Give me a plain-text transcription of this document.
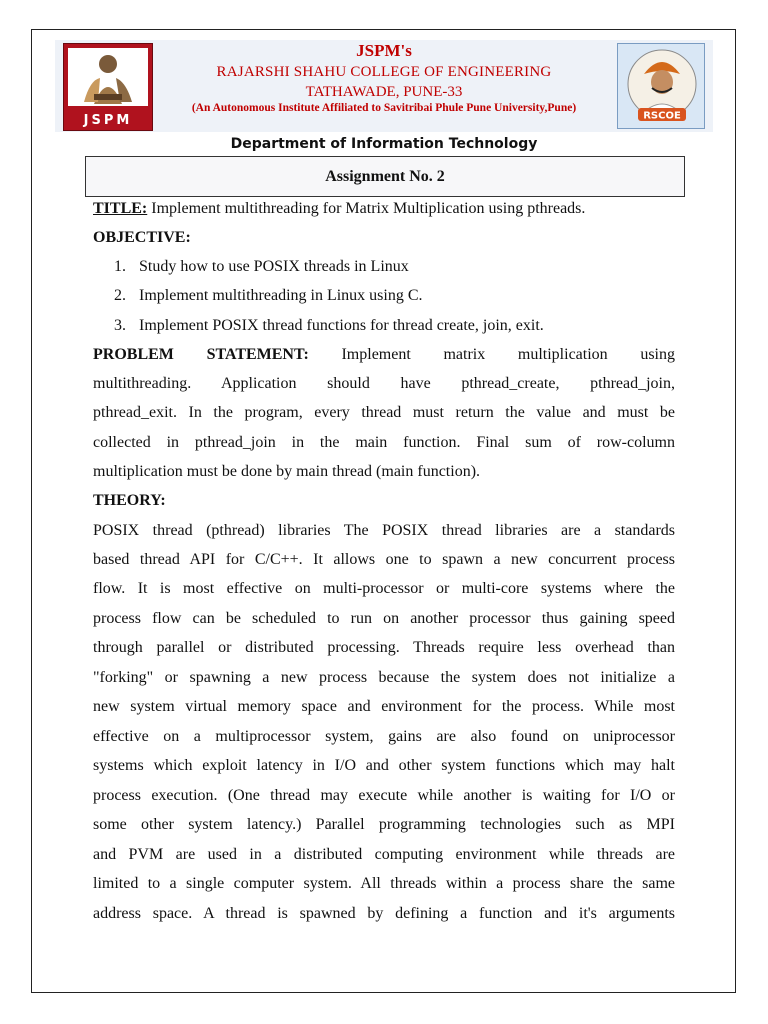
JSPM	RSCOE
JSPM's
RAJARSHI SHAHU COLLEGE OF ENGINEERING
TATHAWADE, PUNE-33
(An Autonomous Institute Affiliated to Savitribai Phule Pune University,Pune)
Department of Information Technology
Assignment No. 2
TITLE: Implement multithreading for Matrix Multiplication using pthreads.
OBJECTIVE:
1. Study how to use POSIX threads in Linux
2. Implement multithreading in Linux using C.
3. Implement POSIX thread functions for thread create, join, exit.
PROBLEM STATEMENT: Implement matrix multiplication using
multithreading. Application should have pthread_create, pthread_join,
pthread_exit. In the program, every thread must return the value and must be
collected in pthread_join in the main function. Final sum of row-column
multiplication must be done by main thread (main function).
THEORY:
POSIX thread (pthread) libraries The POSIX thread libraries are a standards
based thread API for C/C++. It allows one to spawn a new concurrent process
flow. It is most effective on multi-processor or multi-core systems where the
process flow can be scheduled to run on another processor thus gaining speed
through parallel or distributed processing. Threads require less overhead than
"forking" or spawning a new process because the system does not initialize a
new system virtual memory space and environment for the process. While most
effective on a multiprocessor system, gains are also found on uniprocessor
systems which exploit latency in I/O and other system functions which may halt
process execution. (One thread may execute while another is waiting for I/O or
some other system latency.) Parallel programming technologies such as MPI
and PVM are used in a distributed computing environment while threads are
limited to a single computer system. All threads within a process share the same
address space. A thread is spawned by defining a function and it's arguments
